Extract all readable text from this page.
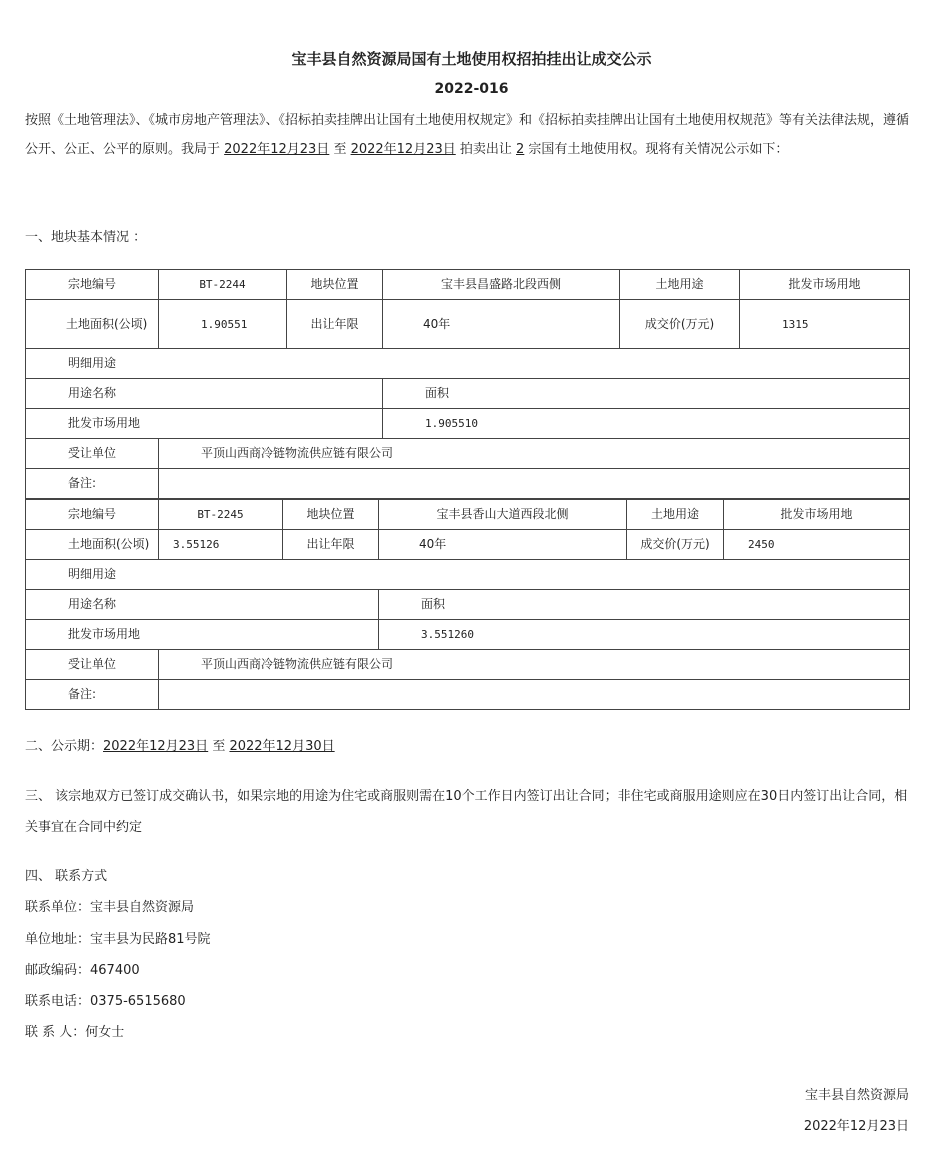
宝丰县自然资源局国有土地使用权招拍挂出让成交公示
2022-016
按照《土地管理法》、《城市房地产管理法》、《招标拍卖挂牌出让国有土地使用权规定》和《招标拍卖挂牌出让国有土地使用权规范》等有关法律法规，遵循公开、公正、公平的原则。我局于 2022年12月23日 至 2022年12月23日 拍卖出让 2 宗国有土地使用权。现将有关情况公示如下：
一、地块基本情况 ：
宗地编号	BT-2244	地块位置	宝丰县昌盛路北段西侧	土地用途	批发市场用地
土地面积(公顷)	1.90551	出让年限	40年	成交价(万元)	1315
明细用途					
用途名称			面积		
批发市场用地			1.905510		
受让单位	平顶山西商冷链物流供应链有限公司				
备注:					
宗地编号	BT-2245	地块位置	宝丰县香山大道西段北侧	土地用途	批发市场用地
土地面积(公顷)	3.55126	出让年限	40年	成交价(万元)	2450
明细用途					
用途名称			面积		
批发市场用地			3.551260		
受让单位	平顶山西商冷链物流供应链有限公司				
备注:					
二、公示期：2022年12月23日 至 2022年12月30日
三、 该宗地双方已签订成交确认书，如果宗地的用途为住宅或商服则需在10个工作日内签订出让合同；非住宅或商服用途则应在30日内签订出让合同，相关事宜在合同中约定
四、 联系方式
联系单位：宝丰县自然资源局
单位地址：宝丰县为民路81号院
邮政编码：467400
联系电话：0375-6515680
联 系 人：何女士
宝丰县自然资源局
2022年12月23日
